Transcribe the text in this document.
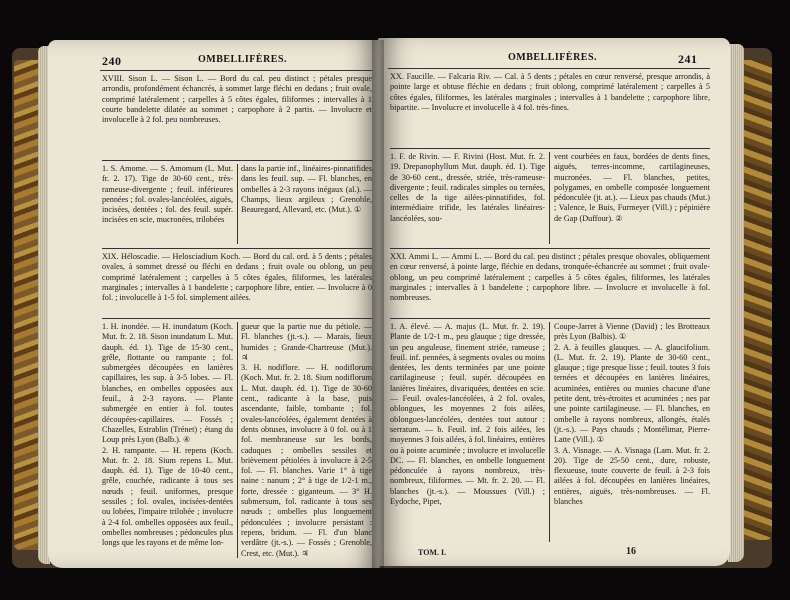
240	OMBELLIFÈRES.
XVIII. Sison L. — Sison L. — Bord du cal. peu distinct ; pétales presque arrondis, profondément échancrés, à sommet large fléchi en dedans ; fruit ovale, comprimé latéralement ; carpelles à 5 côtes égales, filiformes ; intervalles à 1 courte bandelette dilatée au sommet ; carpophore à 2 partis. — Involucre et involucelle à 2 fol. peu nombreuses.
1. S. Amome. — S. Amomum (L. Mut. fr. 2. 17). Tige de 30-60 cent., très-rameuse-divergente ; feuil. inférieures pennées ; fol. ovales-lancéolées, aiguës, incisées, dentées ; fol. des feuil. supér. incisées en scie, mucronées, trilobées
dans la partie inf., linéaires-pinnatifides dans les feuil. sup. — Fl. blanches, en ombelles à 2-3 rayons inégaux (al.). — Champs, lieux argileux ; Grenoble, Beauregard, Allevard, etc. (Mut.). ①
XIX. Héloscadie. — Helosciadium Koch. — Bord du cal. ord. à 5 dents ; pétales ovales, à sommet dressé ou fléchi en dedans ; fruit ovale ou oblong, un peu comprimé latéralement ; carpelles à 5 côtes égales, filiformes, les latérales marginales ; intervalles à 1 bandelette ; carpophore libre, entier. — Involucre à 0 fol. ; involucelle à 1-5 fol. simplement ailées.
1. H. inondée. — H. inundatum (Koch. Mut. fr. 2. 18. Sison inundatum L. Mut. dauph. éd. 1). Tige de 15-30 cent., grêle, flottante ou rampante ; fol. submergées découpées en lanières capillaires, les sup. à 3-5 lobes. — Fl. blanches, en ombelles opposées aux feuil., à 2-3 rayons. — Plante submergée en entier à fol. toutes découpées-capillaires. — Fossés ; Chazelles, Estrablin (Trénet) ; étang du Loup près Lyon (Balb.). ④
2. H. rampante. — H. repens (Koch. Mut. fr. 2. 18. Sium repens L. Mut. dauph. éd. 1). Tige de 10-40 cent., grêle, couchée, radicante à tous ses nœuds ; feuil. uniformes, presque sessiles ; fol. ovales, incisées-dentées ou lobées, l'impaire trilobée ; involucre à 2-4 fol. ombelles opposées aux feuil., ombelles nombreuses ; pédoncules plus longs que les rayons et de même lon-
gueur que la partie nue du pétiole. — Fl. blanches (jt.-s.). — Marais, lieux humides ; Grande-Chartreuse (Mut.). ♃
3. H. nodiflore. — H. nodiflorum (Koch. Mut. fr. 2. 18. Sium nodiflorum L. Mut. dauph. éd. 1). Tige de 30-60 cent., radicante à la base, puis ascendante, faible, tombante ; fol. ovales-lancéolées, également dentées à dents obtuses, involucre à 0 fol. ou à 1 fol. membraneuse sur les bords, caduques ; ombelles sessiles et brièvement pétiolées à involucre à 2-5 fol. — Fl. blanches. Varie 1° à tige naine : nanum ; 2° à tige de 1/2-1 m., forte, dressée : giganteum. — 3° H. submersum, fol. radicante à tous ses nœuds ; ombelles plus longuement pédonculées ; involucre persistant : repens, bridum. — Fl. d'un blanc verdâtre (jt.-s.). — Fossés ; Grenoble, Crest, etc. (Mut.). ♃
OMBELLIFÈRES.	241
XX. Faucille. — Falcaria Riv. — Cal. à 5 dents ; pétales en cœur renversé, presque arrondis, à pointe large et obtuse fléchie en dedans ; fruit oblong, comprimé latéralement ; carpelles à 5 côtes égales, filiformes, les latérales marginales ; intervalles à 1 bandelette ; carpophore libre, bipartite. — Involucre et involucelle à 4 fol. très-fines.
1. F. de Rivin. — F. Rivini (Host. Mut. fr. 2. 19. Drepanophyllum Mut. dauph. éd. 1). Tige de 30-60 cent., dressée, striée, très-rameuse-divergente ; feuil. radicales simples ou ternées, celles de la tige ailées-pinnatifides, fol. intermédiaire trifide, les latérales linéaires-lancéolées, sou-
vent courbées en faux, bordées de dents fines, aiguës, terres-incomme, cartilagineuses, mucronées. — Fl. blanches, petites, polygames, en ombelle composée longuement pédonculée (jt. at.). — Lieux pas chauds (Mut.) ; Valence, le Buis, Furmeyer (Vill.) ; pépinière de Gap (Duffour). ②
XXI. Ammi L. — Ammi L. — Bord du cal. peu distinct ; pétales presque obovales, obliquement en cœur renversé, à pointe large, fléchie en dedans, tronquée-échancrée au sommet ; fruit ovale-oblong, un peu comprimé latéralement ; carpelles à 5 côtes égales, filiformes, les latérales marginales ; intervalles à 1 bandelette ; carpophore libre. — Involucre et involucelle à fol. nombreuses.
1. A. élevé. — A. majus (L. Mut. fr. 2. 19). Plante de 1/2-1 m., peu glauque ; tige dressée, un peu anguleuse, finement striée, rameuse ; feuil. inf. pennées, à segments ovales ou moins dentées, les dents terminées par une pointe cartilagineuse ; feuil. supér. découpées en lanières linéaires, divariquées, dentées en scie. — Feuil. ovales-lancéolées, à 2 fol. ovales, oblongues, les moyennes 2 fois ailées, oblongues-lancéolées, dentées tout autour : serratum. — b. Feuil. inf. 2 fois ailées, les moyennes 3 fois ailées, à fol. linéaires, entières ou à pointe acuminée ; involucre et involucelle DC. — Fl. blanches, en ombelle longuement pédonculée à rayons nombreux, très-nombreux, filiformes. — Mt. fr. 2. 20. — Fl. blanches (jt.-s.). — Moussues (Vill.) ; Eydoche, Pipet,
Coupe-Jarret à Vienne (David) ; les Brotteaux près Lyon (Balbis). ①
2. A. à feuilles glauques. — A. glaucifolium. (L. Mut. fr. 2. 19). Plante de 30-60 cent., glauque ; tige presque lisse ; feuil. toutes 3 fois ternées et découpées en lanières linéaires, acuminées, entières ou munies chacune d'une petite dent, très-étroites et acuminées ; nes par une pointe cartilagineuse. — Fl. blanches, en ombelle à rayons nombreux, allongés, étalés (jt.-s.). — Pays chauds ; Montélimar, Pierre-Latte (Vill.). ①
3. A. Visnage. — A. Visnaga (Lam. Mut. fr. 2. 20). Tige de 25-50 cent., dure, robuste, flexueuse, toute couverte de feuil. à 2-3 fois ailées à fol. découpées en lanières linéaires, entières, aiguës, très-nombreuses. — Fl. blanches
TOM. I.	16
